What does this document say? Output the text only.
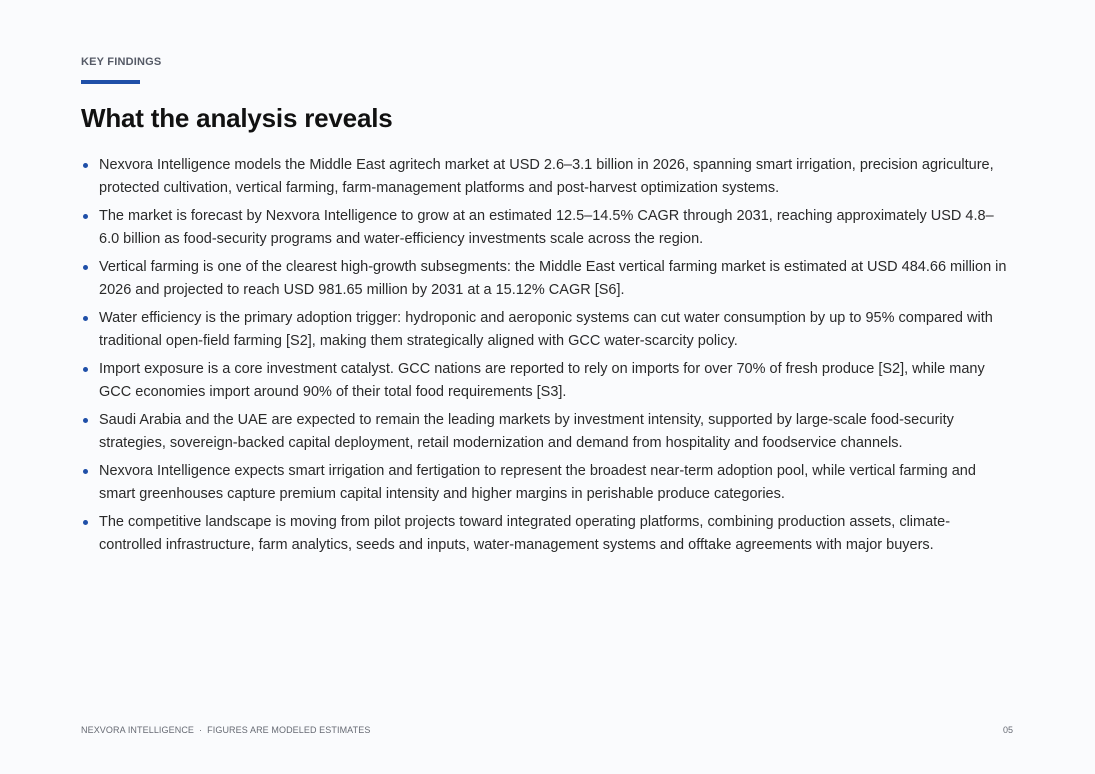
KEY FINDINGS
What the analysis reveals
Nexvora Intelligence models the Middle East agritech market at USD 2.6–3.1 billion in 2026, spanning smart irrigation, precision agriculture, protected cultivation, vertical farming, farm-management platforms and post-harvest optimization systems.
The market is forecast by Nexvora Intelligence to grow at an estimated 12.5–14.5% CAGR through 2031, reaching approximately USD 4.8–6.0 billion as food-security programs and water-efficiency investments scale across the region.
Vertical farming is one of the clearest high-growth subsegments: the Middle East vertical farming market is estimated at USD 484.66 million in 2026 and projected to reach USD 981.65 million by 2031 at a 15.12% CAGR [S6].
Water efficiency is the primary adoption trigger: hydroponic and aeroponic systems can cut water consumption by up to 95% compared with traditional open-field farming [S2], making them strategically aligned with GCC water-scarcity policy.
Import exposure is a core investment catalyst. GCC nations are reported to rely on imports for over 70% of fresh produce [S2], while many GCC economies import around 90% of their total food requirements [S3].
Saudi Arabia and the UAE are expected to remain the leading markets by investment intensity, supported by large-scale food-security strategies, sovereign-backed capital deployment, retail modernization and demand from hospitality and foodservice channels.
Nexvora Intelligence expects smart irrigation and fertigation to represent the broadest near-term adoption pool, while vertical farming and smart greenhouses capture premium capital intensity and higher margins in perishable produce categories.
The competitive landscape is moving from pilot projects toward integrated operating platforms, combining production assets, climate-controlled infrastructure, farm analytics, seeds and inputs, water-management systems and offtake agreements with major buyers.
NEXVORA INTELLIGENCE · FIGURES ARE MODELED ESTIMATES	05
